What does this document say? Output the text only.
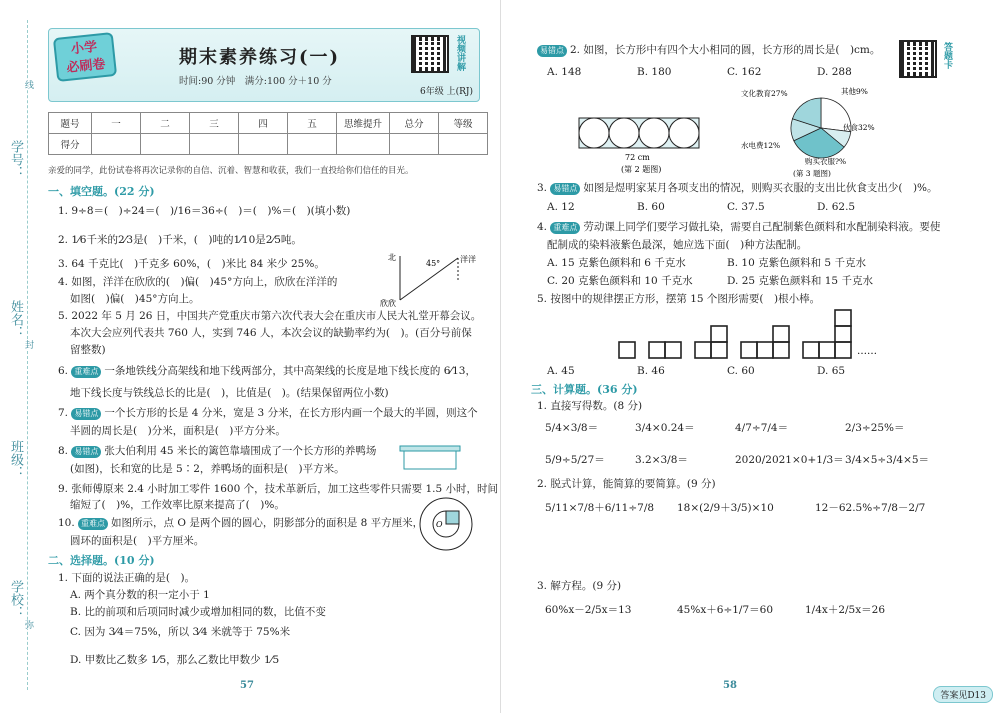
学号：
姓名：
班级：
学校：
线
封
弥
小学
必刷卷	期末素养练习(一)
时间:90 分钟　满分:100 分＋10 分
视频讲解
6年级 上(RJ)
题号	一	二	三	四	五	思维提升	总分	等级
得分								
亲爱的同学，此份试卷将再次记录你的自信、沉着、智慧和收获，我们一直投给你们信任的目光。
一、填空题。(22 分)
1. 9÷8＝(　)÷24＝(　)/16＝36÷(　)＝(　)%＝(　)(填小数)
2. 1⁄6千米的2⁄3是(　)千米，(　)吨的1⁄10是2⁄5吨。
3. 64 千克比(　)千克多 60%，(　)米比 84 米少 25%。
4. 如图，洋洋在欣欣的(　)偏(　)45°方向上，欣欣在洋洋的
如图(　)偏(　)45°方向上。
北
45° 洋洋
欣欣
5. 2022 年 5 月 26 日，中国共产党重庆市第六次代表大会在重庆市人民大礼堂开幕会议。
本次大会应列代表共 760 人，实到 746 人，本次会议的缺勤率约为(　)。(百分号前保
留整数)
6. 重难点 一条地铁线分高架线和地下线两部分，其中高架线的长度是地下线长度的 6⁄13，
地下线长度与铁线总长的比是(　)，比值是(　)。(结果保留两位小数)
7. 易错点 一个长方形的长是 4 分米，宽是 3 分米，在长方形内画一个最大的半圆，则这个
半圆的周长是(　)分米，面积是(　)平方分米。
8. 易错点 张大伯利用 45 米长的篱笆靠墙围成了一个长方形的养鸭场
(如图)，长和宽的比是 5∶2，养鸭场的面积是(　)平方米。
9. 张师傅原来 2.4 小时加工零件 1600 个，技术革新后，加工这些零件只需要 1.5 小时，时间
缩短了(　)%，工作效率比原来提高了(　)%。
10. 重难点 如图所示，点 O 是两个圆的圆心，阴影部分的面积是 8 平方厘米，
圆环的面积是(　)平方厘米。
O
二、选择题。(10 分)
1. 下面的说法正确的是(　)。
A. 两个真分数的积一定小于 1
B. 比的前项和后项同时减少或增加相同的数，比值不变
C. 因为 3⁄4＝75%，所以 3⁄4 米就等于 75%米
D. 甲数比乙数多 1⁄5，那么乙数比甲数少 1⁄5
57
易错点 2. 如图，长方形中有四个大小相同的圆，长方形的周长是(　)cm。
A. 148	B. 180	C. 162	D. 288
答题卡
72 cm
(第 2 题图)
文化教育27%	其他9%
伙食32%
水电费12%
购买衣服?%
(第 3 题图)
3. 易错点 如图是煜明家某月各项支出的情况，则购买衣服的支出比伙食支出少(　)%。
A. 12	B. 60	C. 37.5	D. 62.5
4. 重难点 劳动课上同学们要学习做扎染，需要自己配制紫色颜料和水配制染料液。要使
配制成的染料液紫色最深，她应选下面(　)种方法配制。
A. 15 克紫色颜料和 6 千克水	B. 10 克紫色颜料和 5 千克水
C. 20 克紫色颜料和 10 千克水	D. 25 克紫色颜料和 15 千克水
5. 按图中的规律摆正方形，摆第 15 个图形需要(　)根小棒。
……
A. 45	B. 46	C. 60	D. 65
三、计算题。(36 分)
1. 直接写得数。(8 分)
5/4×3/8＝	3/4×0.24＝	4/7÷7/4＝	2/3÷25%＝
5/9÷5/27＝	3.2×3/8＝	2020/2021×0+1/3＝ 3/4×5÷3/4×5＝
2. 脱式计算，能简算的要简算。(9 分)
5/11×7/8＋6/11÷7/8 18×(2/9＋3/5)×10	12－62.5%÷7/8－2/7
3. 解方程。(9 分)
60%x－2/5x＝13	45%x＋6÷1/7＝60	1/4x＋2/5x＝26
58
答案见D13
